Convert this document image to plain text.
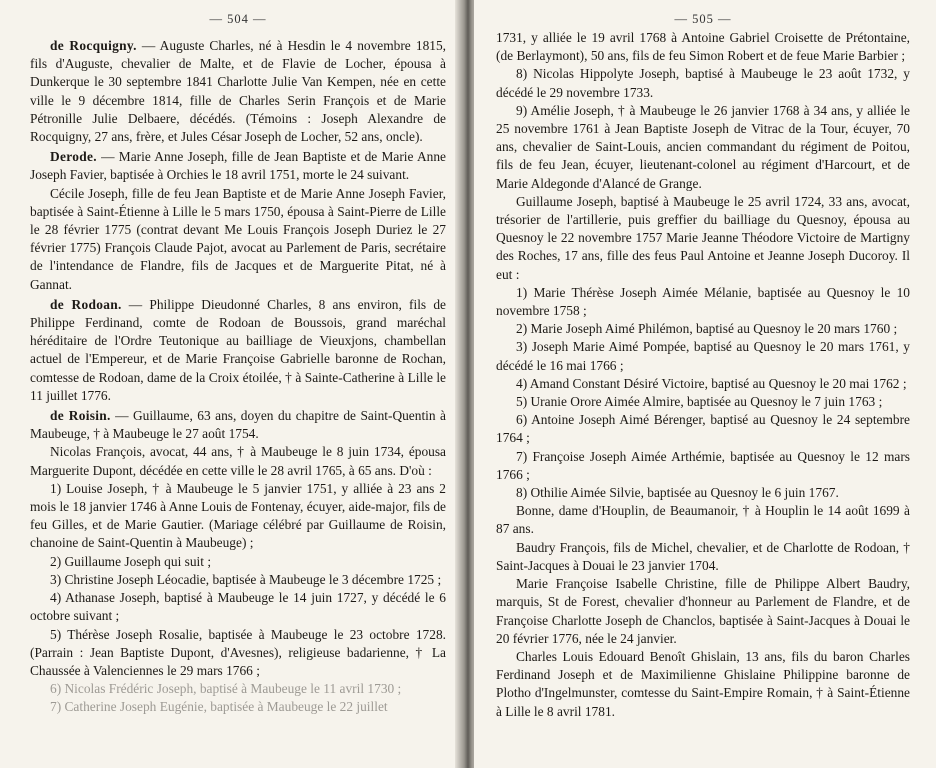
— 504 —

de Rocquigny. — Auguste Charles, né à Hesdin le 4 novembre 1815, fils d'Auguste, chevalier de Malte, et de Flavie de Locher, épousa à Dunkerque le 30 septembre 1841 Charlotte Julie Van Kempen, née en cette ville le 9 décembre 1814, fille de Charles Serin François et de Marie Pétronille Julie Delbaere, décédés. (Témoins : Joseph Alexandre de Rocquigny, 27 ans, frère, et Jules César Joseph de Locher, 52 ans, oncle).

Derode. — Marie Anne Joseph, fille de Jean Baptiste et de Marie Anne Joseph Favier, baptisée à Orchies le 18 avril 1751, morte le 24 suivant.

Cécile Joseph, fille de feu Jean Baptiste et de Marie Anne Joseph Favier, baptisée à Saint-Étienne à Lille le 5 mars 1750, épousa à Saint-Pierre de Lille le 28 février 1775 (contrat devant Me Louis François Joseph Duriez le 27 février 1775) François Claude Pajot, avocat au Parlement de Paris, secrétaire de l'intendance de Flandre, fils de Jacques et de Marguerite Pitat, né à Gannat.

de Rodoan. — Philippe Dieudonné Charles, 8 ans environ, fils de Philippe Ferdinand, comte de Rodoan de Boussois, grand maréchal héréditaire de l'Ordre Teutonique au bailliage de Vieuxjons, chambellan actuel de l'Empereur, et de Marie Françoise Gabrielle baronne de Rochan, comtesse de Rodoan, dame de la Croix étoilée, † à Sainte-Catherine à Lille le 11 juillet 1776.

de Roisin. — Guillaume, 63 ans, doyen du chapitre de Saint-Quentin à Maubeuge, † à Maubeuge le 27 août 1754.

Nicolas François, avocat, 44 ans, † à Maubeuge le 8 juin 1734, épousa Marguerite Dupont, décédée en cette ville le 28 avril 1765, à 65 ans. D'où :

1) Louise Joseph, † à Maubeuge le 5 janvier 1751, y alliée à 23 ans 2 mois le 18 janvier 1746 à Anne Louis de Fontenay, écuyer, aide-major, fils de feu Gilles, et de Marie Gautier. (Mariage célébré par Guillaume de Roisin, chanoine de Saint-Quentin à Maubeuge) ;

2) Guillaume Joseph qui suit ;

3) Christine Joseph Léocadie, baptisée à Maubeuge le 3 décembre 1725 ;

4) Athanase Joseph, baptisé à Maubeuge le 14 juin 1727, y décédé le 6 octobre suivant ;

5) Thérèse Joseph Rosalie, baptisée à Maubeuge le 23 octobre 1728. (Parrain : Jean Baptiste Dupont, d'Avesnes), religieuse badarienne, † La Chaussée à Valenciennes le 29 mars 1766 ;

6) Nicolas Frédéric Joseph, baptisé à Maubeuge le 11 avril 1730 ;

7) Catherine Joseph Eugénie, baptisée à Maubeuge le 22 juillet

— 505 —

1731, y alliée le 19 avril 1768 à Antoine Gabriel Croisette de Prétontaine, (de Berlaymont), 50 ans, fils de feu Simon Robert et de feue Marie Barbier ;

8) Nicolas Hippolyte Joseph, baptisé à Maubeuge le 23 août 1732, y décédé le 29 novembre 1733.

9) Amélie Joseph, † à Maubeuge le 26 janvier 1768 à 34 ans, y alliée le 25 novembre 1761 à Jean Baptiste Joseph de Vitrac de la Tour, écuyer, 70 ans, chevalier de Saint-Louis, ancien commandant du régiment de Poitou, fils de feu Jean, écuyer, lieutenant-colonel au régiment d'Harcourt, et de Marie Aldegonde d'Alancé de Grange.

Guillaume Joseph, baptisé à Maubeuge le 25 avril 1724, 33 ans, avocat, trésorier de l'artillerie, puis greffier du bailliage du Quesnoy, épousa au Quesnoy le 22 novembre 1757 Marie Jeanne Théodore Victoire de Martigny des Roches, 17 ans, fille des feus Paul Antoine et Jeanne Joseph Ducoroy. Il eut :

1) Marie Thérèse Joseph Aimée Mélanie, baptisée au Quesnoy le 10 novembre 1758 ;

2) Marie Joseph Aimé Philémon, baptisé au Quesnoy le 20 mars 1760 ;

3) Joseph Marie Aimé Pompée, baptisé au Quesnoy le 20 mars 1761, y décédé le 16 mai 1766 ;

4) Amand Constant Désiré Victoire, baptisé au Quesnoy le 20 mai 1762 ;

5) Uranie Orore Aimée Almire, baptisée au Quesnoy le 7 juin 1763 ;

6) Antoine Joseph Aimé Bérenger, baptisé au Quesnoy le 24 septembre 1764 ;

7) Françoise Joseph Aimée Arthémie, baptisée au Quesnoy le 12 mars 1766 ;

8) Othilie Aimée Silvie, baptisée au Quesnoy le 6 juin 1767.

Bonne, dame d'Houplin, de Beaumanoir, † à Houplin le 14 août 1699 à 87 ans.

Baudry François, fils de Michel, chevalier, et de Charlotte de Rodoan, † Saint-Jacques à Douai le 23 janvier 1704.

Marie Françoise Isabelle Christine, fille de Philippe Albert Baudry, marquis, St de Forest, chevalier d'honneur au Parlement de Flandre, et de Françoise Charlotte Joseph de Chanclos, baptisée à Saint-Jacques à Douai le 20 février 1776, née le 24 janvier.

Charles Louis Edouard Benoît Ghislain, 13 ans, fils du baron Charles Ferdinand Joseph et de Maximilienne Ghislaine Philippine baronne de Plotho d'Ingelmunster, comtesse du Saint-Empire Romain, † à Saint-Étienne à Lille le 8 avril 1781.
